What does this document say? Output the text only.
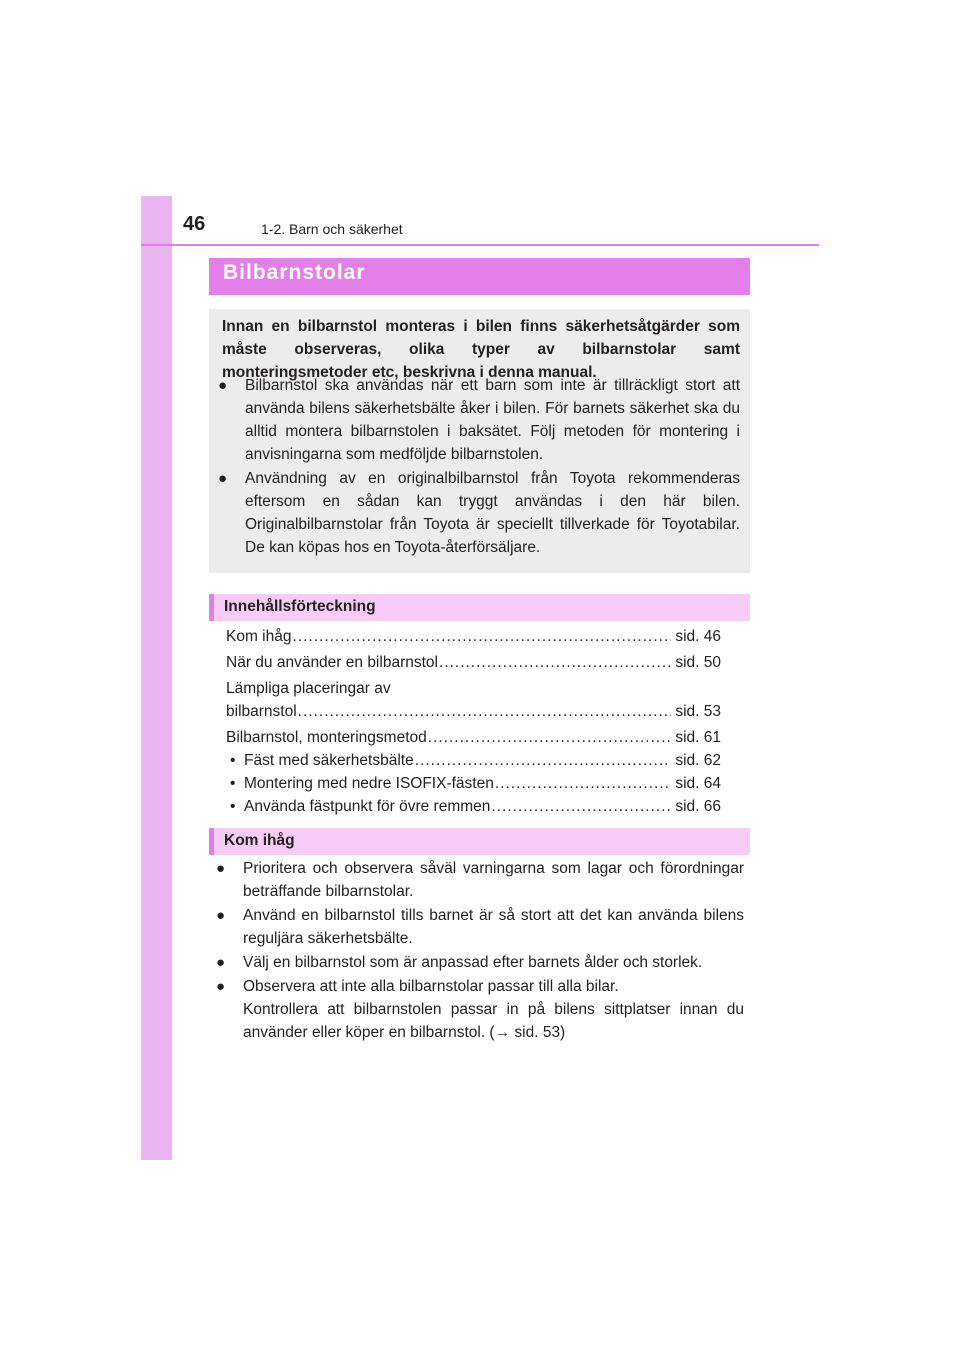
46	1-2. Barn och säkerhet
Bilbarnstolar
Innan en bilbarnstol monteras i bilen finns säkerhetsåtgärder som måste observeras, olika typer av bilbarnstolar samt monteringsmetoder etc, beskrivna i denna manual.

● Bilbarnstol ska användas när ett barn som inte är tillräckligt stort att använda bilens säkerhetsbälte åker i bilen. För barnets säkerhet ska du alltid montera bilbarnstolen i baksätet. Följ metoden för montering i anvisningarna som medföljde bilbarnstolen.

● Användning av en originalbilbarnstol från Toyota rekommenderas eftersom en sådan kan tryggt användas i den här bilen. Originalbilbarnstolar från Toyota är speciellt tillverkade för Toyotabilar. De kan köpas hos en Toyota-återförsäljare.

Innehållsförteckning
Kom ihåg .....	sid. 46
När du använder en bilbarnstol .....	sid. 50
Lämpliga placeringar av
bilbarnstol .....	sid. 53
Bilbarnstol, monteringsmetod .....	sid. 61
• Fäst med säkerhetsbälte .....	sid. 62
• Montering med nedre ISOFIX-fästen .....	sid. 64
• Använda fästpunkt för övre remmen .....	sid. 66
Kom ihåg

● Prioritera och observera såväl varningarna som lagar och förordningar beträffande bilbarnstolar.

● Använd en bilbarnstol tills barnet är så stort att det kan använda bilens reguljära säkerhetsbälte.

● Välj en bilbarnstol som är anpassad efter barnets ålder och storlek.

● Observera att inte alla bilbarnstolar passar till alla bilar.
Kontrollera att bilbarnstolen passar in på bilens sittplatser innan du använder eller köper en bilbarnstol. (→ sid. 53)
